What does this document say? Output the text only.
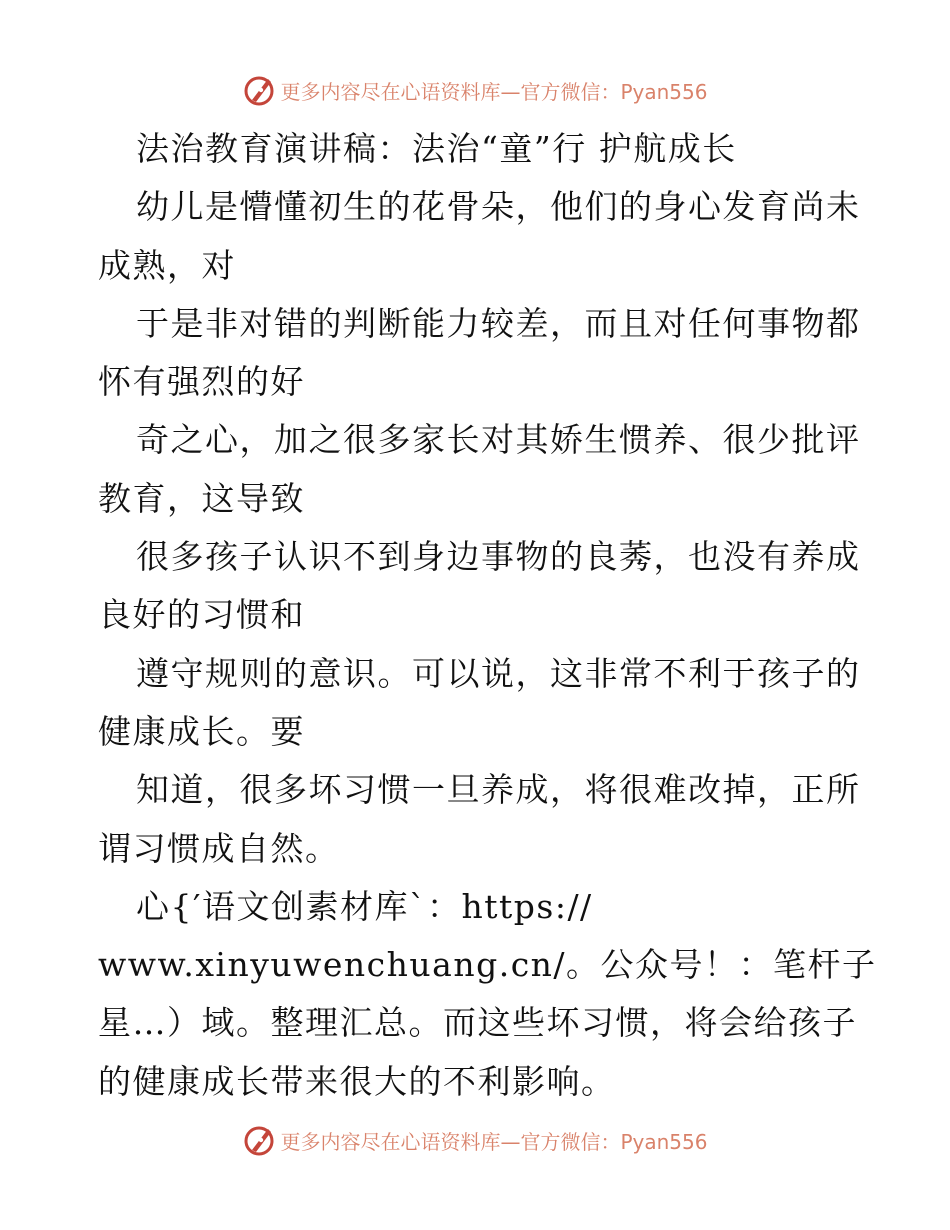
更多内容尽在心语资料库—官方微信：Pyan556
法治教育演讲稿：法治“童”行 护航成长
幼儿是懵懂初生的花骨朵，他们的身心发育尚未
成熟，对
于是非对错的判断能力较差，而且对任何事物都
怀有强烈的好
奇之心，加之很多家长对其娇生惯养、很少批评
教育，这导致
很多孩子认识不到身边事物的良莠，也没有养成
良好的习惯和
遵守规则的意识。可以说，这非常不利于孩子的
健康成长。要
知道，很多坏习惯一旦养成，将很难改掉，正所
谓习惯成自然。
心{′语文创素材库`：https://
www.xinyuwenchuang.cn/。公众号！：笔杆子
星…）域。整理汇总。而这些坏习惯，将会给孩子
的健康成长带来很大的不利影响。
更多内容尽在心语资料库—官方微信：Pyan556
